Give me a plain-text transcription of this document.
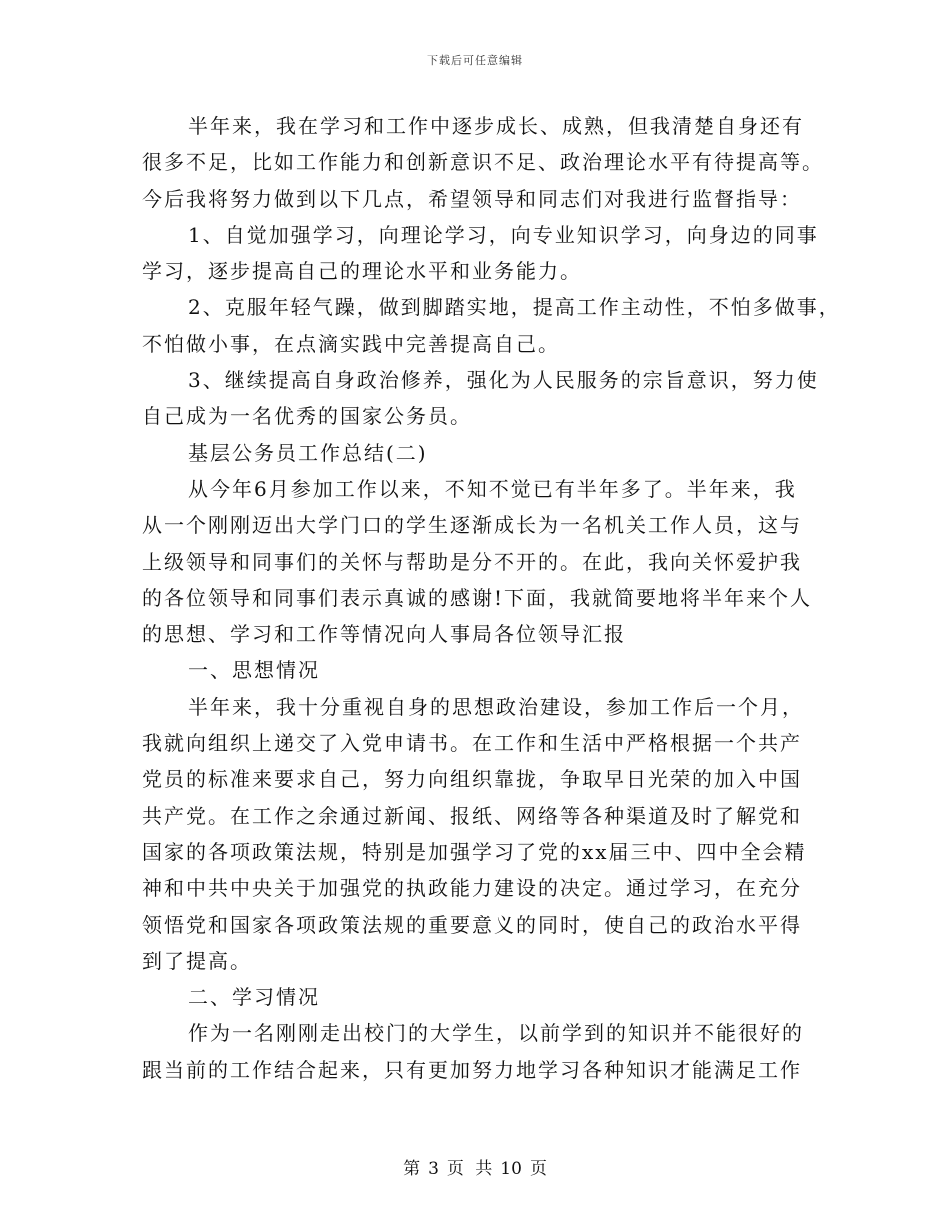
下载后可任意编辑
半年来，我在学习和工作中逐步成长、成熟，但我清楚自身还有
很多不足，比如工作能力和创新意识不足、政治理论水平有待提高等。
今后我将努力做到以下几点，希望领导和同志们对我进行监督指导：
1、自觉加强学习，向理论学习，向专业知识学习，向身边的同事
学习，逐步提高自己的理论水平和业务能力。
2、克服年轻气躁，做到脚踏实地，提高工作主动性，不怕多做事，
不怕做小事，在点滴实践中完善提高自己。
3、继续提高自身政治修养，强化为人民服务的宗旨意识，努力使
自己成为一名优秀的国家公务员。
基层公务员工作总结(二)
从今年6月参加工作以来，不知不觉已有半年多了。半年来，我
从一个刚刚迈出大学门口的学生逐渐成长为一名机关工作人员，这与
上级领导和同事们的关怀与帮助是分不开的。在此，我向关怀爱护我
的各位领导和同事们表示真诚的感谢!下面，我就简要地将半年来个人
的思想、学习和工作等情况向人事局各位领导汇报
一、思想情况
半年来，我十分重视自身的思想政治建设，参加工作后一个月，
我就向组织上递交了入党申请书。在工作和生活中严格根据一个共产
党员的标准来要求自己，努力向组织靠拢，争取早日光荣的加入中国
共产党。在工作之余通过新闻、报纸、网络等各种渠道及时了解党和
国家的各项政策法规，特别是加强学习了党的xx届三中、四中全会精
神和中共中央关于加强党的执政能力建设的决定。通过学习，在充分
领悟党和国家各项政策法规的重要意义的同时，使自己的政治水平得
到了提高。
二、学习情况
作为一名刚刚走出校门的大学生，以前学到的知识并不能很好的
跟当前的工作结合起来，只有更加努力地学习各种知识才能满足工作
第 3 页 共 10 页
